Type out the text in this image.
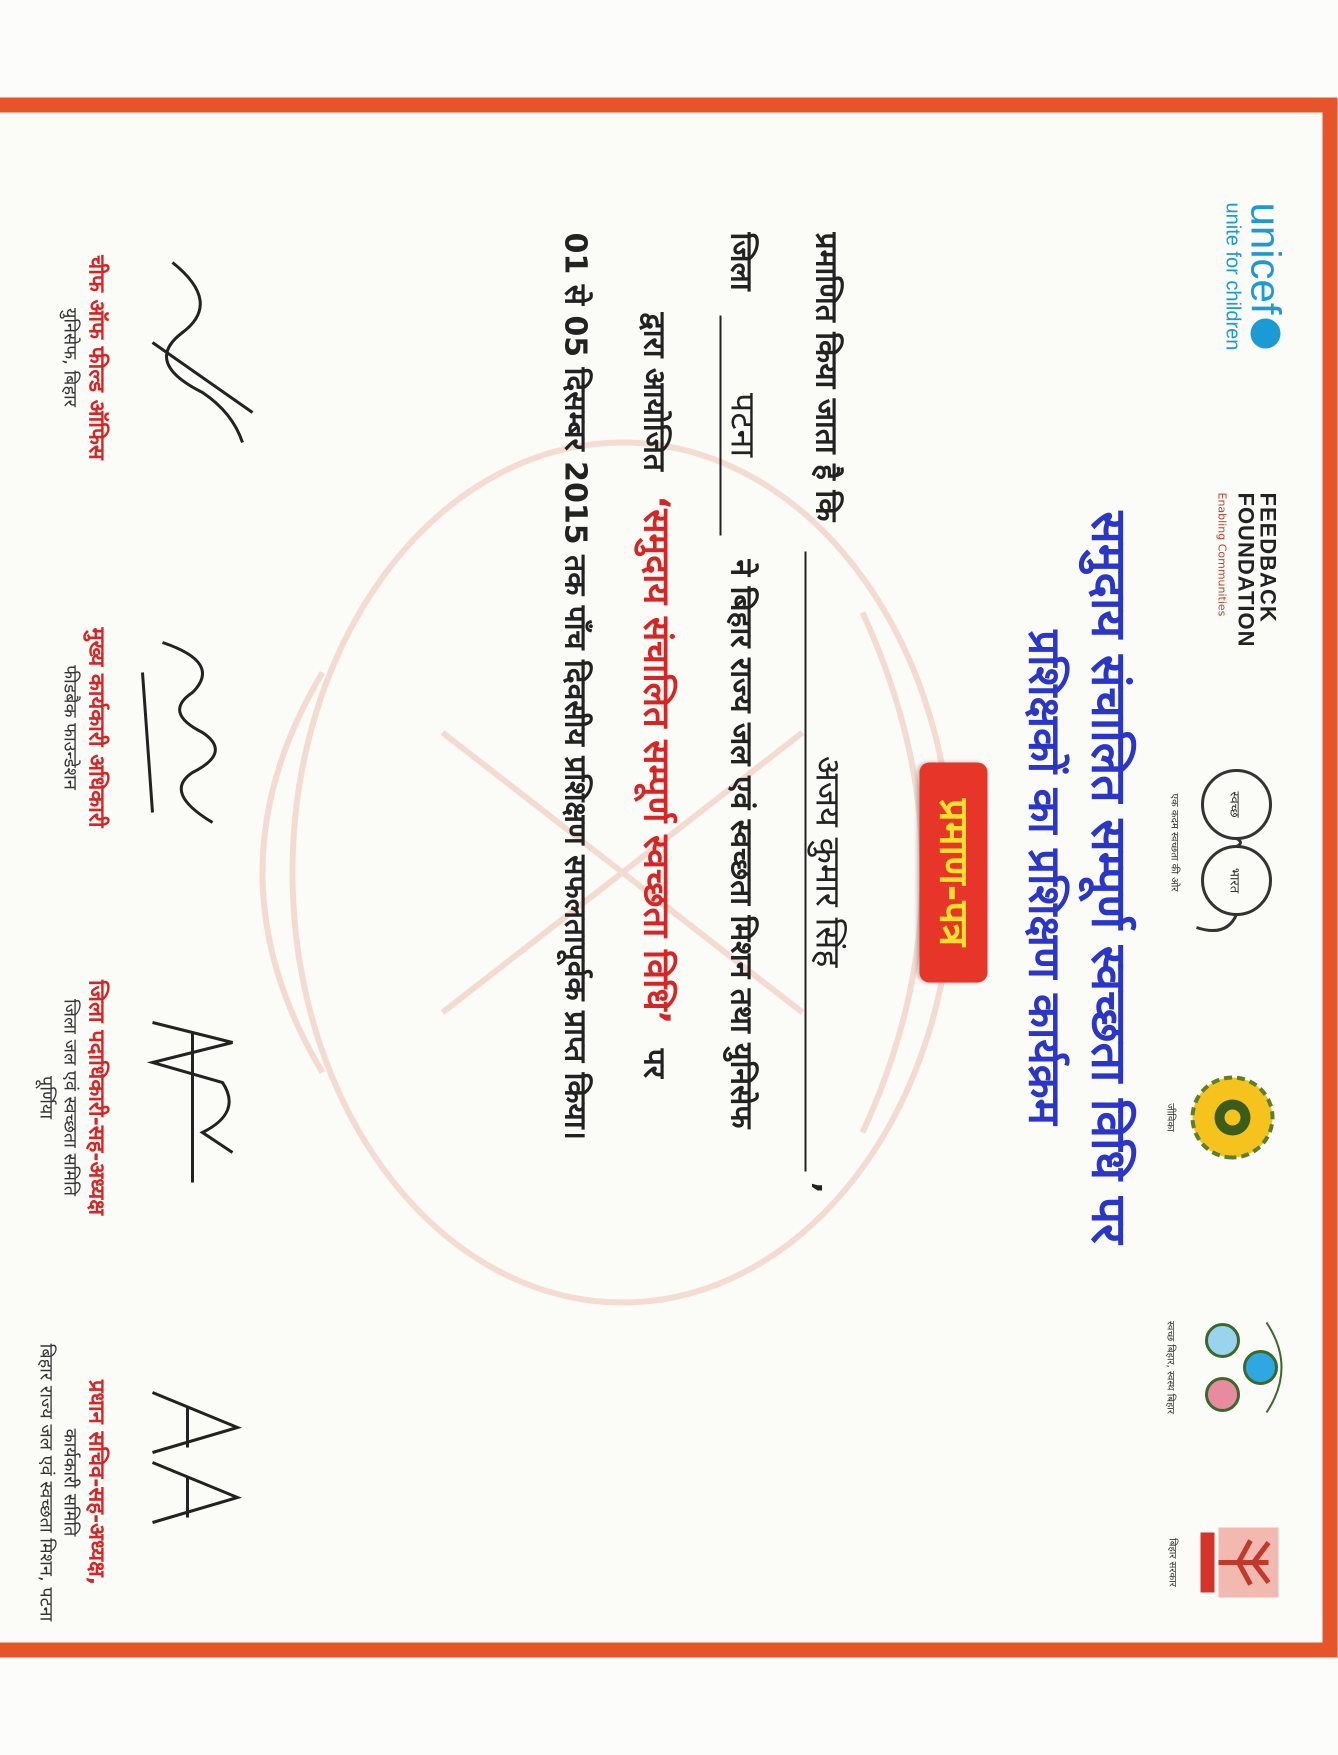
unicef
unite for children
FEEDBACK
FOUNDATION
Enabling Communities
स्वच्छ
भारत
एक कदम स्वच्छता की ओर
जीविका
स्वच्छ बिहार, स्वस्थ बिहार
बिहार सरकार
समुदाय संचालित सम्पूर्ण स्वच्छता विधि पर
प्रशिक्षकों का प्रशिक्षण कार्यक्रम
प्रमाण-पत्र
प्रमाणित किया जाता है कि अजय कुमार सिंह ,
जिला पटना ने बिहार राज्य जल एवं स्वच्छता मिशन तथा युनिसेफ
द्वारा आयोजित ‘समुदाय संचालित सम्पूर्ण स्वच्छता विधि’ पर
01 से 05 दिसम्बर 2015 तक पाँच दिवसीय प्रशिक्षण सफलतापूर्वक प्राप्त किया।
चीफ ऑफ फील्ड ऑफिस
युनिसेफ, बिहार
मुख्य कार्यकारी अधिकारी
फीडबैक फाउन्डेशन
जिला पदाधिकारी-सह-अध्यक्ष
जिला जल एवं स्वच्छता समिति
पूर्णिया
प्रधान सचिव-सह-अध्यक्ष,
कार्यकारी समिति
बिहार राज्य जल एवं स्वच्छता मिशन, पटना
